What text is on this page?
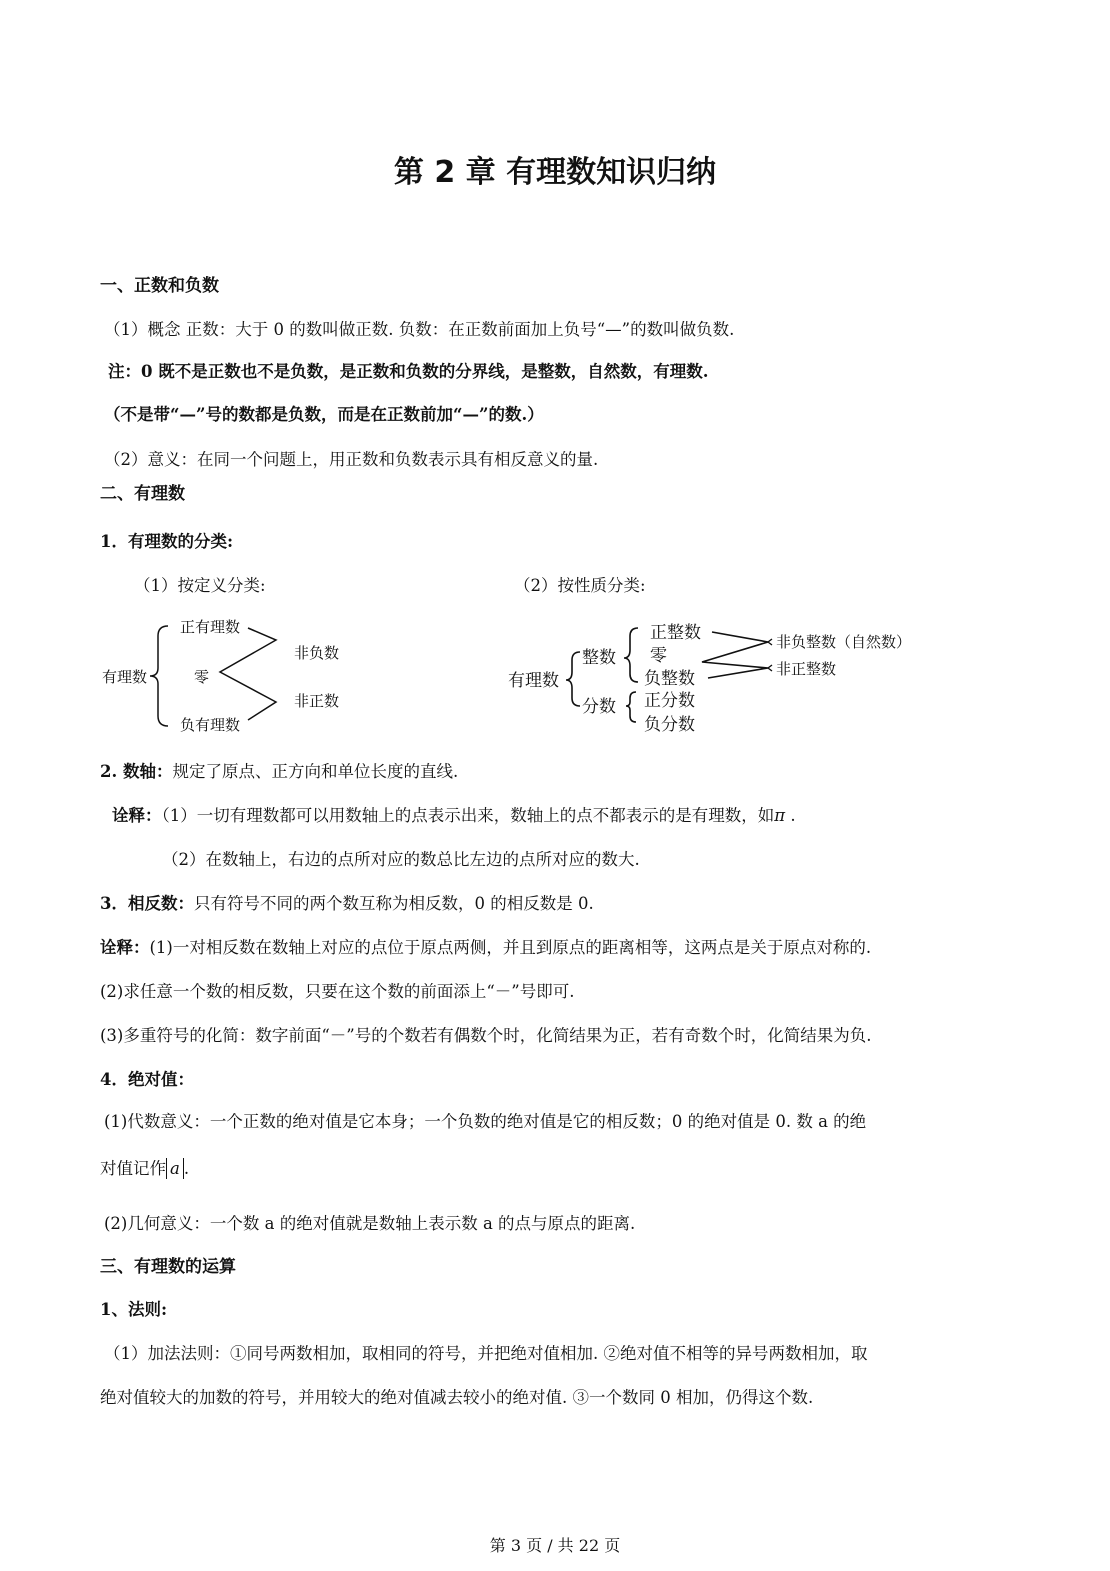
第 2 章 有理数知识归纳
一、正数和负数
（1）概念 正数：大于 0 的数叫做正数. 负数：在正数前面加上负号“—”的数叫做负数.
注：0 既不是正数也不是负数，是正数和负数的分界线，是整数，自然数，有理数.
（不是带“—”号的数都是负数，而是在正数前加“—”的数.）
（2）意义：在同一个问题上，用正数和负数表示具有相反意义的量.
二、有理数
1．有理数的分类:
（1）按定义分类:	（2）按性质分类:
有理数
正有理数
零
负有理数
非负数
非正数
有理数
整数
分数
正整数
零
负整数
正分数
负分数
非负整数（自然数）
非正整数
2. 数轴：规定了原点、正方向和单位长度的直线.
诠释：（1）一切有理数都可以用数轴上的点表示出来，数轴上的点不都表示的是有理数，如π .
（2）在数轴上，右边的点所对应的数总比左边的点所对应的数大.
3．相反数：只有符号不同的两个数互称为相反数，0 的相反数是 0.
诠释：(1)一对相反数在数轴上对应的点位于原点两侧，并且到原点的距离相等，这两点是关于原点对称的.
(2)求任意一个数的相反数，只要在这个数的前面添上“－”号即可.
(3)多重符号的化简：数字前面“－”号的个数若有偶数个时，化简结果为正，若有奇数个时，化简结果为负.
4．绝对值：
(1)代数意义：一个正数的绝对值是它本身；一个负数的绝对值是它的相反数；0 的绝对值是 0. 数 a 的绝
对值记作 a .
(2)几何意义：一个数 a 的绝对值就是数轴上表示数 a 的点与原点的距离.
三、有理数的运算
1、法则:
（1）加法法则：①同号两数相加，取相同的符号，并把绝对值相加. ②绝对值不相等的异号两数相加，取
绝对值较大的加数的符号，并用较大的绝对值减去较小的绝对值. ③一个数同 0 相加，仍得这个数.
第 3 页 / 共 22 页
